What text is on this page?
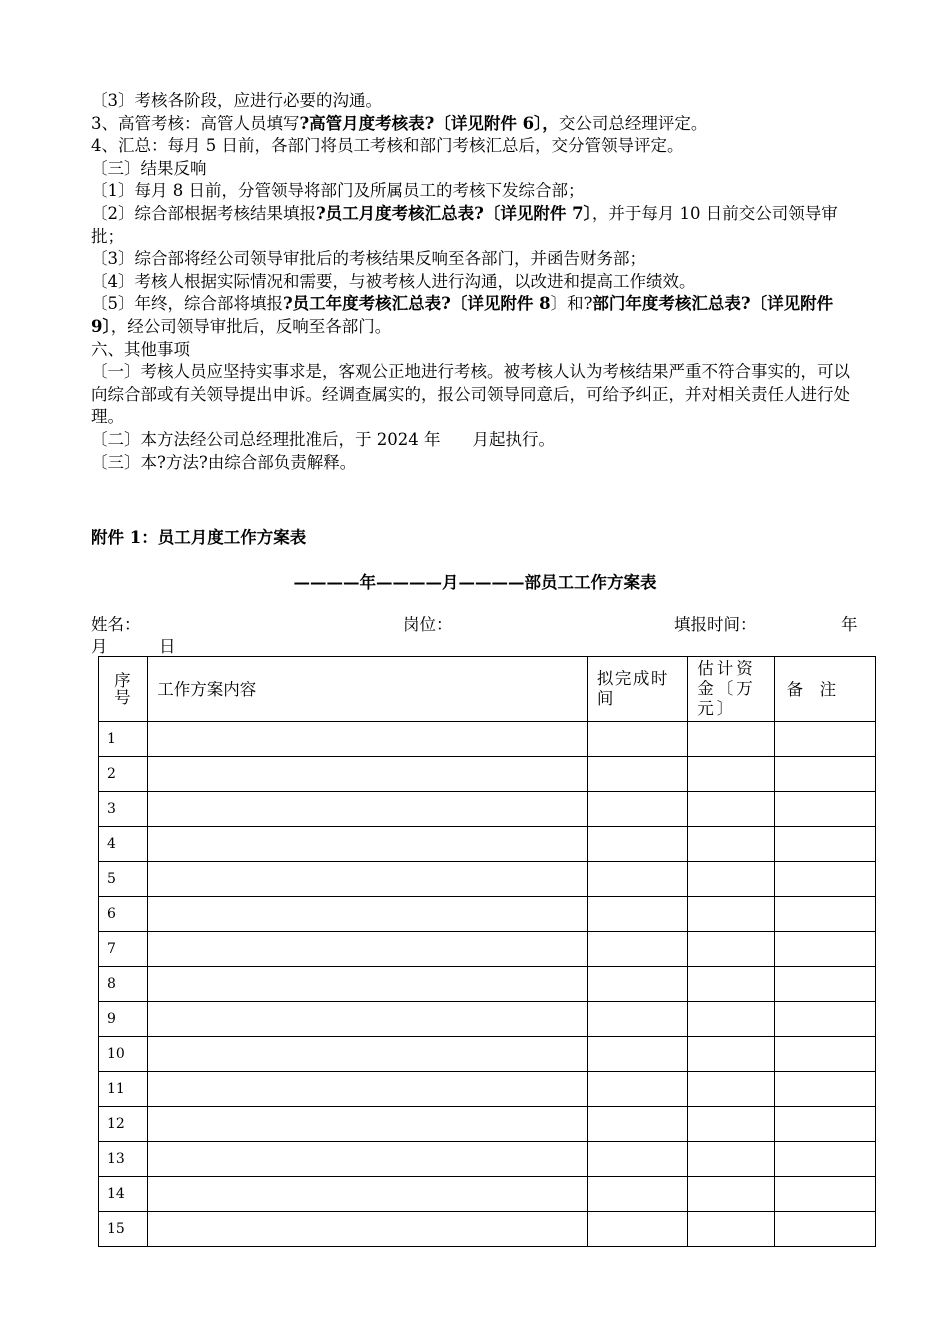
〔3〕考核各阶段，应进行必要的沟通。

3、高管考核：高管人员填写?高管月度考核表?〔详见附件 6〕，交公司总经理评定。

4、汇总：每月 5 日前，各部门将员工考核和部门考核汇总后，交分管领导评定。

〔三〕结果反响

〔1〕每月 8 日前，分管领导将部门及所属员工的考核下发综合部；

〔2〕综合部根据考核结果填报?员工月度考核汇总表?〔详见附件 7〕，并于每月 10 日前交公司领导审批；

〔3〕综合部将经公司领导审批后的考核结果反响至各部门，并函告财务部；

〔4〕考核人根据实际情况和需要，与被考核人进行沟通，以改进和提高工作绩效。

〔5〕年终，综合部将填报?员工年度考核汇总表?〔详见附件 8〕和?部门年度考核汇总表?〔详见附件 9〕，经公司领导审批后，反响至各部门。

六、其他事项

〔一〕考核人员应坚持实事求是，客观公正地进行考核。被考核人认为考核结果严重不符合事实的，可以向综合部或有关领导提出申诉。经调查属实的，报公司领导同意后，可给予纠正，并对相关责任人进行处理。

〔二〕本方法经公司总经理批准后，于 2024 年 月起执行。

〔三〕本?方法?由综合部负责解释。

附件 1：员工月度工作方案表
————年————月————部员工工作方案表
姓名：	岗位：	填报时间：	年
月	日
序号	工作方案内容	拟完成时间	估计资金〔万元〕	备　注
1				
2				
3				
4				
5				
6				
7				
8				
9				
10				
11				
12				
13				
14				
15				
